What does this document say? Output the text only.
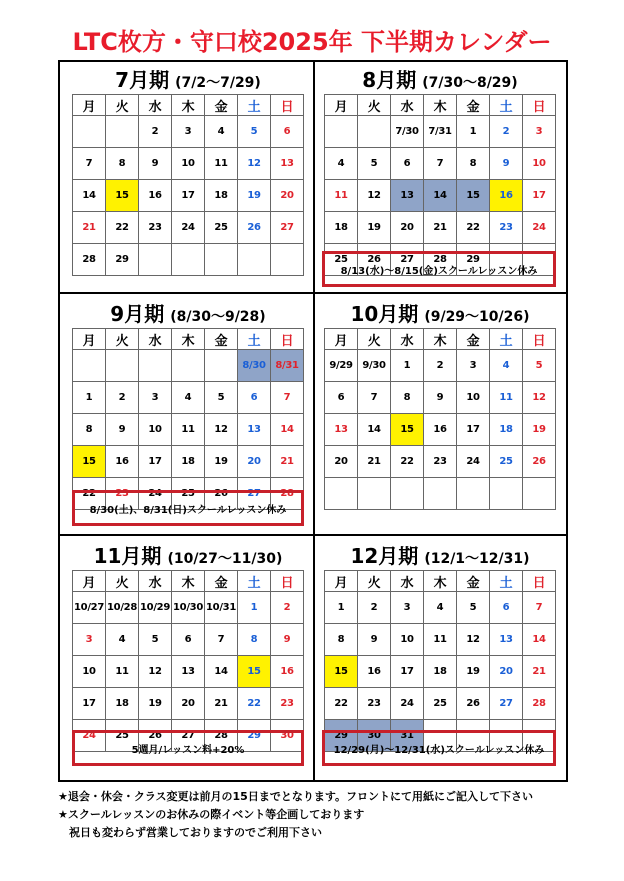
LTC枚方・守口校2025年 下半期カレンダー
7月期 (7/2～7/29)
月	火	水	木	金	土	日
		2	3	4	5	6
7	8	9	10	11	12	13
14	15	16	17	18	19	20
21	22	23	24	25	26	27
28	29					
8月期 (7/30～8/29)
月	火	水	木	金	土	日
		7/30	7/31	1	2	3
4	5	6	7	8	9	10
11	12	13	14	15	16	17
18	19	20	21	22	23	24
25	26	27	28	29		
8/13(水)～8/15(金)スクールレッスン休み
9月期 (8/30～9/28)
月	火	水	木	金	土	日
					8/30	8/31
1	2	3	4	5	6	7
8	9	10	11	12	13	14
15	16	17	18	19	20	21
22	23	24	25	26	27	28
8/30(土)、8/31(日)スクールレッスン休み
10月期 (9/29～10/26)
月	火	水	木	金	土	日
9/29	9/30	1	2	3	4	5
6	7	8	9	10	11	12
13	14	15	16	17	18	19
20	21	22	23	24	25	26

11月期 (10/27～11/30)
月	火	水	木	金	土	日
10/27	10/28	10/29	10/30	10/31	1	2
3	4	5	6	7	8	9
10	11	12	13	14	15	16
17	18	19	20	21	22	23
24	25	26	27	28	29	30
5週月/レッスン料+20%
12月期 (12/1～12/31)
月	火	水	木	金	土	日
1	2	3	4	5	6	7
8	9	10	11	12	13	14
15	16	17	18	19	20	21
22	23	24	25	26	27	28
29	30	31				
12/29(月)～12/31(水)スクールレッスン休み
★退会・休会・クラス変更は前月の15日までとなります。フロントにて用紙にご記入して下さい
★スクールレッスンのお休みの際イベント等企画しております
　祝日も変わらず営業しておりますのでご利用下さい
